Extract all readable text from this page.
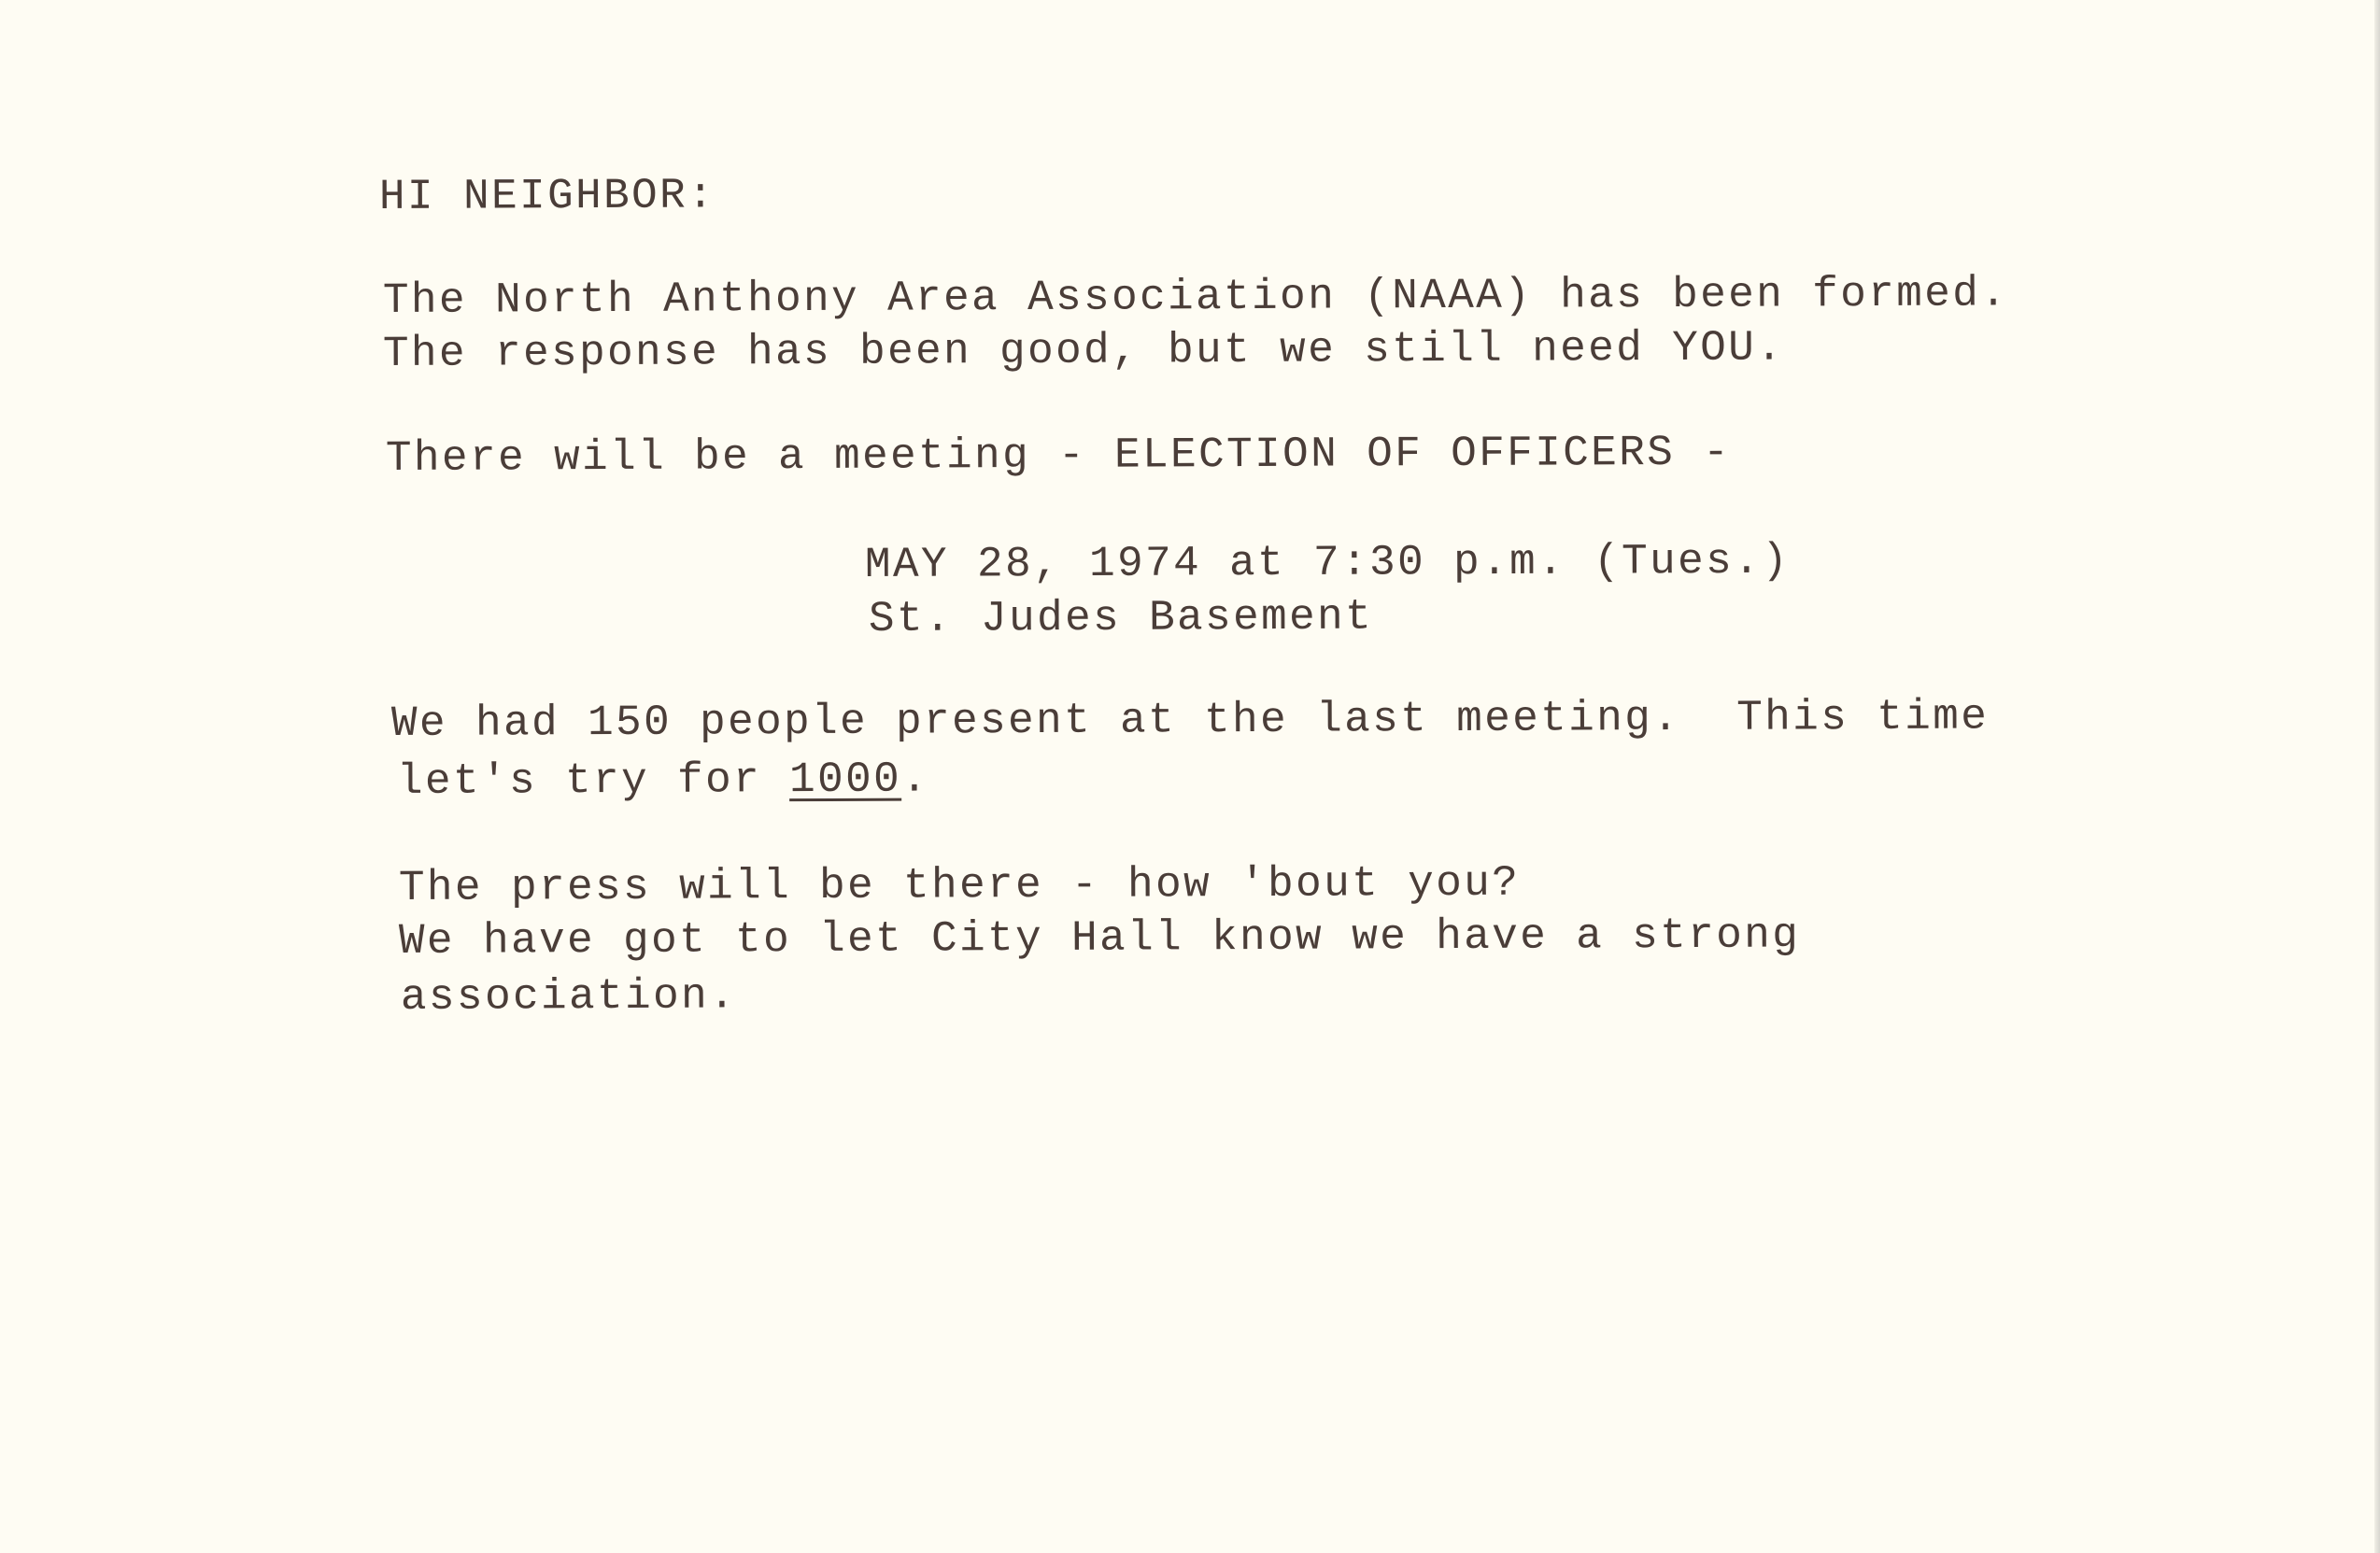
HI NEIGHBOR:
The North Anthony Area Association (NAAA) has been formed.
The response has been good, but we still need YOU.
There will be a meeting - ELECTION OF OFFICERS -
MAY 28, 1974 at 7:30 p.m. (Tues.)
St. Judes Basement
We had 150 people present at the last meeting.  This time
let's try for 1000.
The press will be there - how 'bout you?
We have got to let City Hall know we have a strong
association.
